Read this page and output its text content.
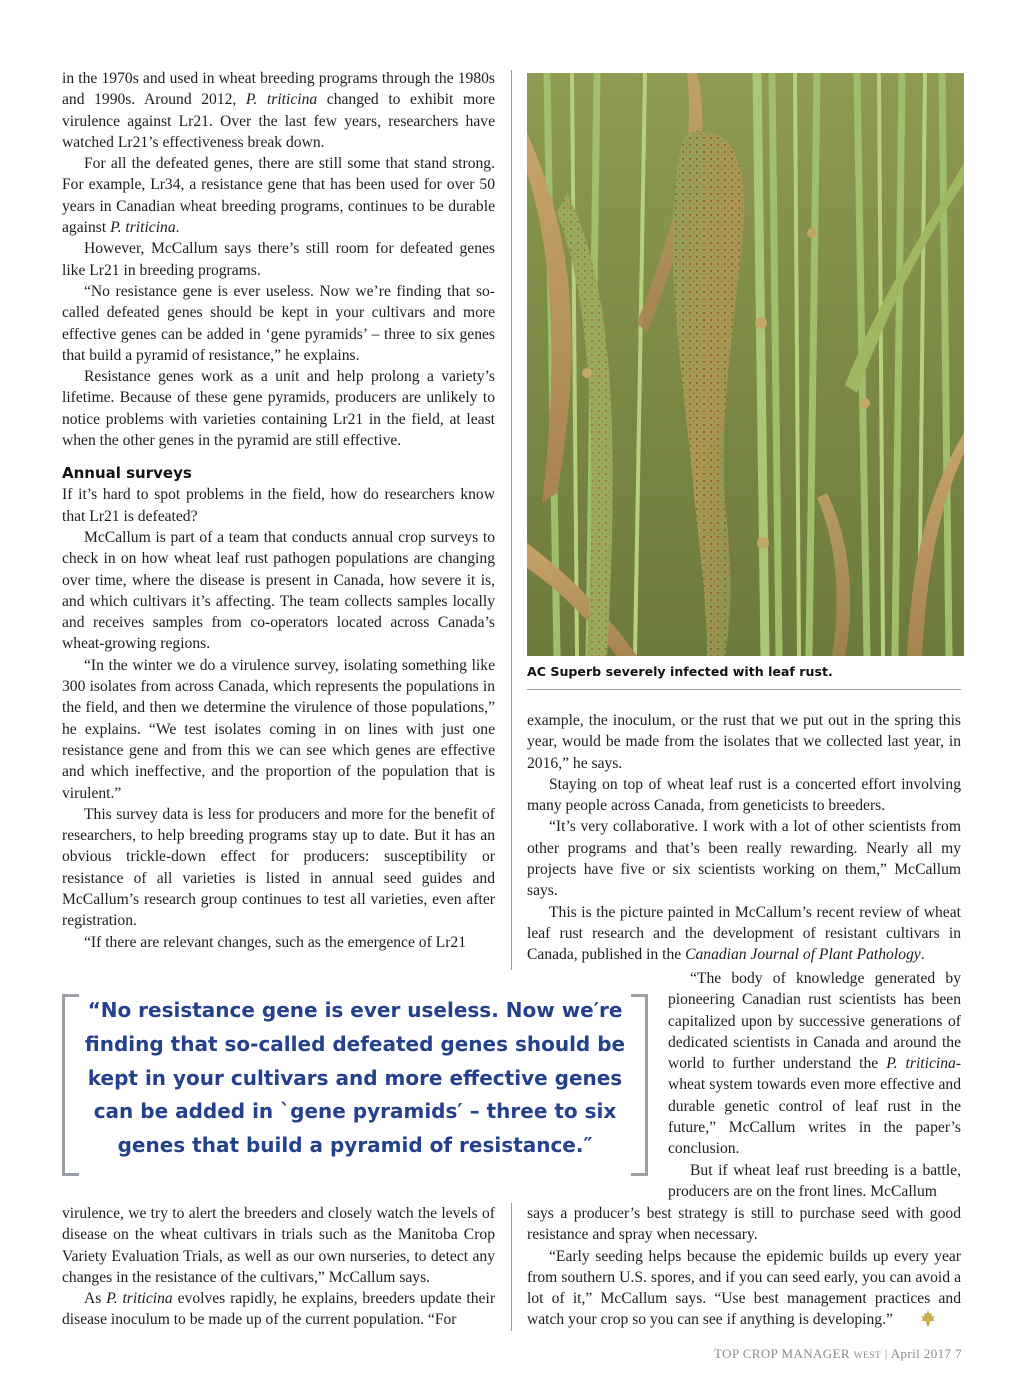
in the 1970s and used in wheat breeding programs through the 1980s and 1990s. Around 2012, P. triticina changed to exhibit more virulence against Lr21. Over the last few years, researchers have watched Lr21’s effectiveness break down.

For all the defeated genes, there are still some that stand strong. For example, Lr34, a resistance gene that has been used for over 50 years in Canadian wheat breeding programs, continues to be durable against P. triticina.

However, McCallum says there’s still room for defeated genes like Lr21 in breeding programs.

“No resistance gene is ever useless. Now we’re finding that so-called defeated genes should be kept in your cultivars and more effective genes can be added in ‘gene pyramids’ – three to six genes that build a pyramid of resistance,” he explains.

Resistance genes work as a unit and help prolong a variety’s lifetime. Because of these gene pyramids, producers are unlikely to notice problems with varieties containing Lr21 in the field, at least when the other genes in the pyramid are still effective.

Annual surveys

If it’s hard to spot problems in the field, how do researchers know that Lr21 is defeated?

McCallum is part of a team that conducts annual crop surveys to check in on how wheat leaf rust pathogen populations are changing over time, where the disease is present in Canada, how severe it is, and which cultivars it’s affecting. The team collects samples locally and receives samples from co-operators located across Canada’s wheat-growing regions.

“In the winter we do a virulence survey, isolating something like 300 isolates from across Canada, which represents the populations in the field, and then we determine the virulence of those populations,” he explains. “We test isolates coming in on lines with just one resistance gene and from this we can see which genes are effective and which ineffective, and the proportion of the population that is virulent.”

This survey data is less for producers and more for the benefit of researchers, to help breeding programs stay up to date. But it has an obvious trickle-down effect for producers: susceptibility or resistance of all varieties is listed in annual seed guides and McCallum’s research group continues to test all varieties, even after registration.

“If there are relevant changes, such as the emergence of Lr21

AC Superb severely infected with leaf rust.

example, the inoculum, or the rust that we put out in the spring this year, would be made from the isolates that we collected last year, in 2016,” he says.

Staying on top of wheat leaf rust is a concerted effort involving many people across Canada, from geneticists to breeders.

“It’s very collaborative. I work with a lot of other scientists from other programs and that’s been really rewarding. Nearly all my projects have five or six scientists working on them,” McCallum says.

This is the picture painted in McCallum’s recent review of wheat leaf rust research and the development of resistant cultivars in Canada, published in the Canadian Journal of Plant Pathology.

“The body of knowledge generated by pioneering Canadian rust scientists has been capitalized upon by successive generations of dedicated scientists in Canada and around the world to further understand the P. triticina-wheat system towards even more effective and durable genetic control of leaf rust in the future,” McCallum writes in the paper’s conclusion.

But if wheat leaf rust breeding is a battle, producers are on the front lines. McCallum

“No resistance gene is ever useless. Now we′re finding that so-called defeated genes should be kept in your cultivars and more effective genes can be added in `gene pyramids′ – three to six genes that build a pyramid of resistance.″

virulence, we try to alert the breeders and closely watch the levels of disease on the wheat cultivars in trials such as the Manitoba Crop Variety Evaluation Trials, as well as our own nurseries, to detect any changes in the resistance of the cultivars,” McCallum says.

As P. triticina evolves rapidly, he explains, breeders update their disease inoculum to be made up of the current population. “For

says a producer’s best strategy is still to purchase seed with good resistance and spray when necessary.

“Early seeding helps because the epidemic builds up every year from southern U.S. spores, and if you can seed early, you can avoid a lot of it,” McCallum says. “Use best management practices and watch your crop so you can see if anything is developing.”

TOP CROP MANAGER WEST | April 2017 7
